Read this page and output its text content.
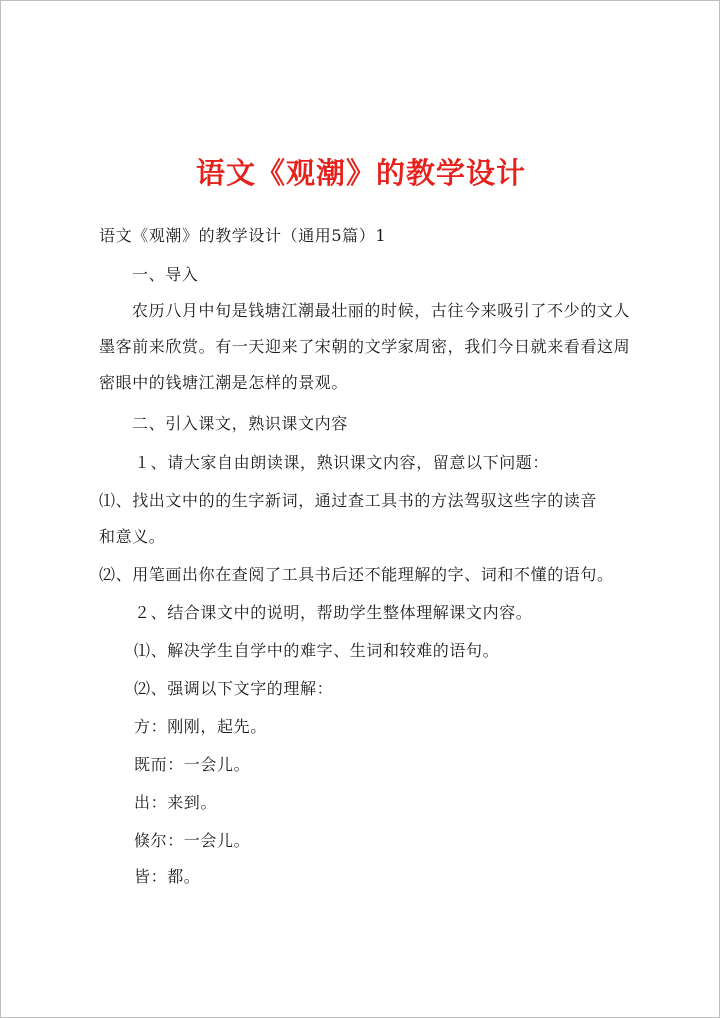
语文《观潮》的教学设计
语文《观潮》的教学设计（通用5篇）1
一、导入
农历八月中旬是钱塘江潮最壮丽的时候，古往今来吸引了不少的文人
墨客前来欣赏。有一天迎来了宋朝的文学家周密，我们今日就来看看这周
密眼中的钱塘江潮是怎样的景观。
二、引入课文，熟识课文内容
１、请大家自由朗读课，熟识课文内容，留意以下问题：
⑴、找出文中的的生字新词，通过查工具书的方法驾驭这些字的读音
和意义。
⑵、用笔画出你在查阅了工具书后还不能理解的字、词和不懂的语句。
２、结合课文中的说明，帮助学生整体理解课文内容。
⑴、解决学生自学中的难字、生词和较难的语句。
⑵、强调以下文字的理解：
方：刚刚，起先。
既而：一会儿。
出：来到。
倏尔：一会儿。
皆：都。
